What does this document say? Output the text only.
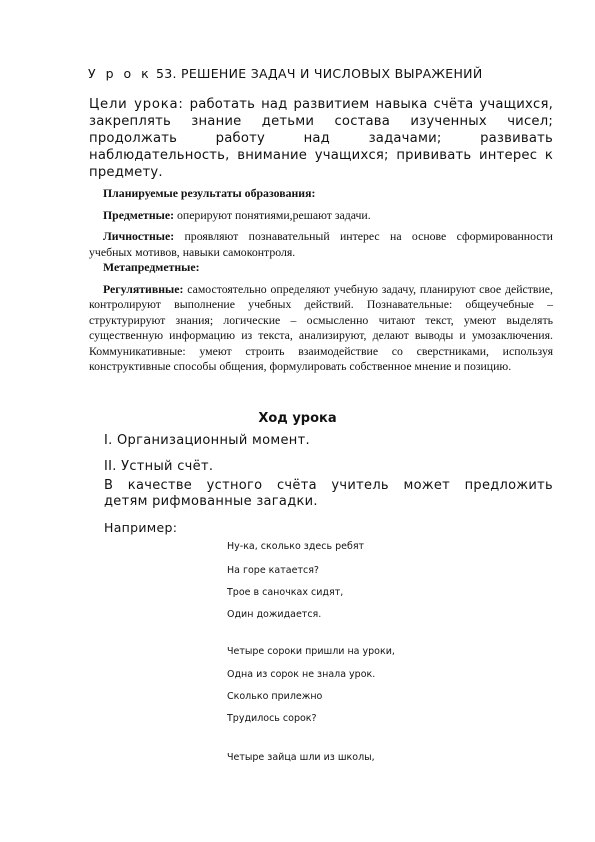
У р о к 53. РЕШЕНИЕ ЗАДАЧ И ЧИСЛОВЫХ ВЫРАЖЕНИЙ
Цели урока: работать над развитием навыка счёта учащихся, закреплять знание детьми состава изученных чисел; продолжать работу над задачами; развивать наблюдательность, внимание учащихся; прививать интерес к предмету.

Планируемые результаты образования:

Предметные: оперируют понятиями,решают задачи.

Личностные: проявляют познавательный интерес на основе сформированности учебных мотивов, навыки самоконтроля.

Метапредметные:

Регулятивные: самостоятельно определяют учебную задачу, планируют свое действие, контролируют выполнение учебных действий. Познавательные: общеучебные – структурируют знания; логические – осмысленно читают текст, умеют выделять существенную информацию из текста, анализируют, делают выводы и умозаключения. Коммуникативные: умеют строить взаимодействие со сверстниками, используя конструктивные способы общения, формулировать собственное мнение и позицию.

Ход урока
I. Организационный момент.
II. Устный счёт.
В качестве устного счёта учитель может предложить
детям рифмованные загадки.
Например:
Ну-ка, сколько здесь ребят
На горе катается?
Трое в саночках сидят,
Один дожидается.
Четыре сороки пришли на уроки,
Одна из сорок не знала урок.
Сколько прилежно
Трудилось сорок?
Четыре зайца шли из школы,
